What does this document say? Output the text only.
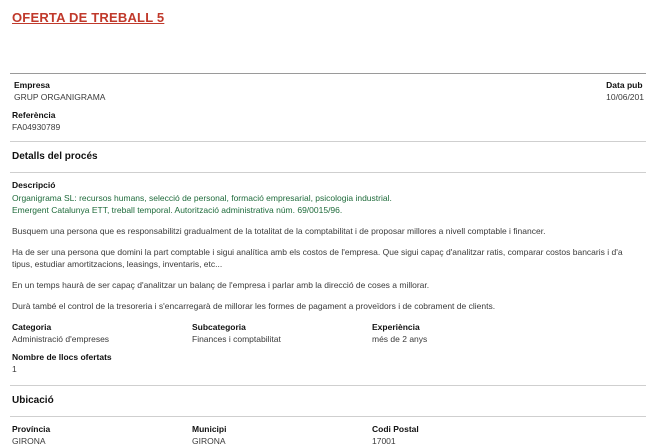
OFERTA DE TREBALL 5
Empresa
GRUP ORGANIGRAMA
Data pub
10/06/201
Referència
FA04930789
Detalls del procés
Descripció
Organigrama SL: recursos humans, selecció de personal, formació empresarial, psicologia industrial.
Emergent Catalunya ETT, treball temporal. Autorització administrativa núm. 69/0015/96.
Busquem una persona que es responsabilitzi gradualment de la totalitat de la comptabilitat i de proposar millores a nivell comptable i financer.
Ha de ser una persona que domini la part comptable i sigui analítica amb els costos de l'empresa. Que sigui capaç d'analitzar ratis, comparar costos bancaris i d'a
tipus, estudiar amortitzacions, leasings, inventaris, etc...
En un temps haurà de ser capaç d'analitzar un balanç de l'empresa i parlar amb la direcció de coses a millorar.
Durà també el control de la tresoreria i s'encarregarà de millorar les formes de pagament a proveïdors i de cobrament de clients.
Categoria
Administració d'empreses
Subcategoria
Finances i comptabilitat
Experiència
més de 2 anys
Nombre de llocs ofertats
1
Ubicació
Província
GIRONA
Municipi
GIRONA
Codi Postal
17001
